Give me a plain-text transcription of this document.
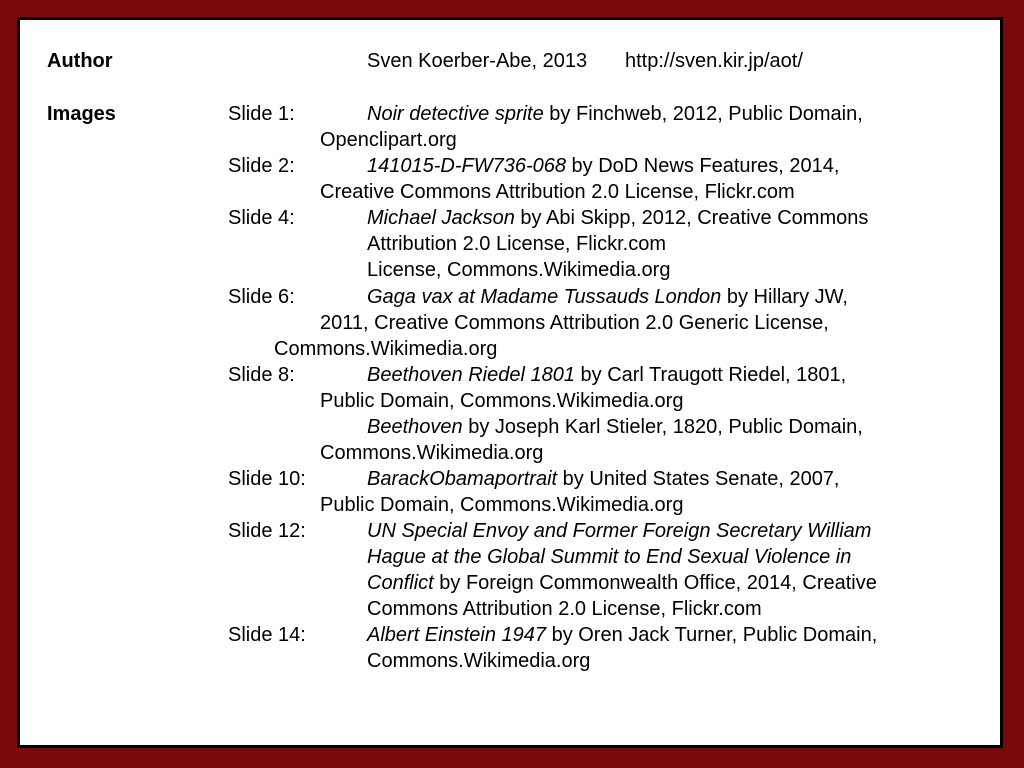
Author	Sven Koerber-Abe, 2013 http://sven.kir.jp/aot/
Images	Slide 1:	Noir detective sprite by Finchweb, 2012, Public Domain,
Openclipart.org
Slide 2:	141015-D-FW736-068 by DoD News Features, 2014,
Creative Commons Attribution 2.0 License, Flickr.com
Slide 4:	Michael Jackson by Abi Skipp, 2012, Creative Commons
Attribution 2.0 License, Flickr.com
License, Commons.Wikimedia.org
Slide 6:	Gaga vax at Madame Tussauds London by Hillary JW,
2011, Creative Commons Attribution 2.0 Generic License,
Commons.Wikimedia.org
Slide 8:	Beethoven Riedel 1801 by Carl Traugott Riedel, 1801,
Public Domain, Commons.Wikimedia.org
Beethoven by Joseph Karl Stieler, 1820, Public Domain,
Commons.Wikimedia.org
Slide 10:	BarackObamaportrait by United States Senate, 2007,
Public Domain, Commons.Wikimedia.org
Slide 12:	UN Special Envoy and Former Foreign Secretary William
Hague at the Global Summit to End Sexual Violence in
Conflict by Foreign Commonwealth Office, 2014, Creative
Commons Attribution 2.0 License, Flickr.com
Slide 14:	Albert Einstein 1947 by Oren Jack Turner, Public Domain,
Commons.Wikimedia.org
